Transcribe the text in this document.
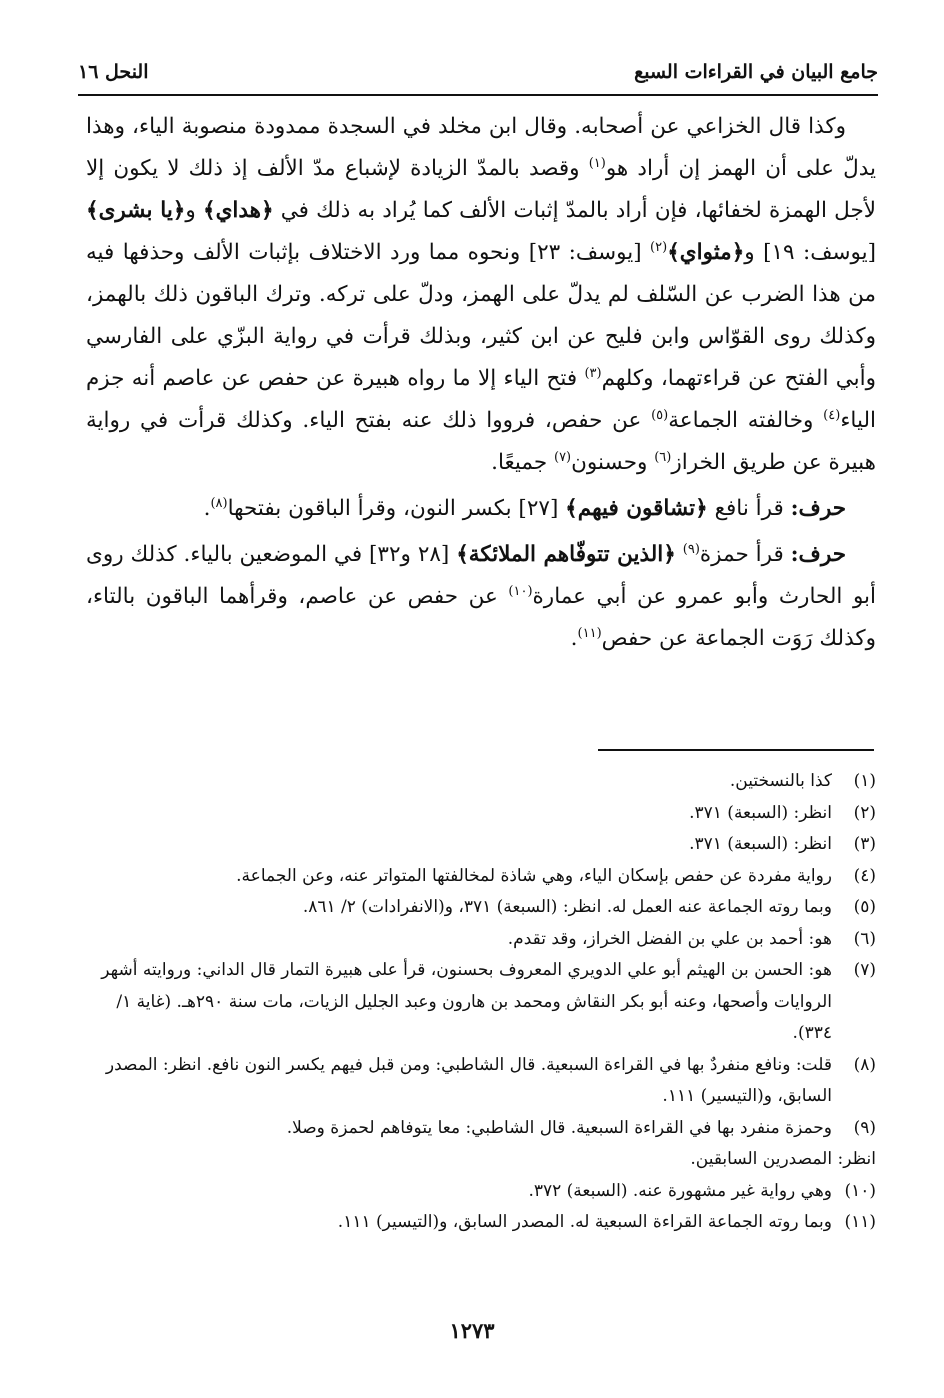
جامع البيان في القراءات السبع
النحل ١٦

وكذا قال الخزاعي عن أصحابه. وقال ابن مخلد في السجدة ممدودة منصوبة الياء، وهذا يدلّ على أن الهمز إن أراد هو$^{(١)}$ وقصد بالمدّ الزيادة لإشباع مدّ الألف إذ ذلك لا يكون إلا لأجل الهمزة لخفائها، فإن أراد بالمدّ إثبات الألف كما يُراد به ذلك في ﴿هداي﴾ و﴿يا بشرى﴾ [يوسف: ١٩] و﴿مثواي﴾$^{(٢)}$ [يوسف: ٢٣] ونحوه مما ورد الاختلاف بإثبات الألف وحذفها فيه من هذا الضرب عن السّلف لم يدلّ على الهمز، ودلّ على تركه. وترك الباقون ذلك بالهمز، وكذلك روى القوّاس وابن فليح عن ابن كثير، وبذلك قرأت في رواية البزّي على الفارسي وأبي الفتح عن قراءتهما، وكلهم$^{(٣)}$ فتح الياء إلا ما رواه هبيرة عن حفص عن عاصم أنه جزم الياء$^{(٤)}$ وخالفته الجماعة$^{(٥)}$ عن حفص، فرووا ذلك عنه بفتح الياء. وكذلك قرأت في رواية هبيرة عن طريق الخراز$^{(٦)}$ وحسنون$^{(٧)}$ جميعًا.

حرف: قرأ نافع ﴿تشاقون فيهم﴾ [٢٧] بكسر النون، وقرأ الباقون بفتحها$^{(٨)}$.

حرف: قرأ حمزة$^{(٩)}$ ﴿الذين تتوفّاهم الملائكة﴾ [٢٨ و٣٢] في الموضعين بالياء. كذلك روى أبو الحارث وأبو عمرو عن أبي عمارة$^{(١٠)}$ عن حفص عن عاصم، وقرأهما الباقون بالتاء، وكذلك رَوَت الجماعة عن حفص$^{(١١)}$.

(١)
كذا بالنسختين.
(٢)
انظر: (السبعة) ٣٧١.
(٣)
انظر: (السبعة) ٣٧١.
(٤)
رواية مفردة عن حفص بإسكان الياء، وهي شاذة لمخالفتها المتواتر عنه، وعن الجماعة.
(٥)
وبما روته الجماعة عنه العمل له. انظر: (السبعة) ٣٧١، و(الانفرادات) ٢/ ٨٦١.
(٦)
هو: أحمد بن علي بن الفضل الخراز، وقد تقدم.
(٧)
هو: الحسن بن الهيثم أبو علي الدويري المعروف بحسنون، قرأ على هبيرة التمار قال الداني: وروايته أشهر الروايات وأصحها، وعنه أبو بكر النقاش ومحمد بن هارون وعبد الجليل الزيات، مات سنة ٢٩٠هـ. (غاية ١/ ٣٣٤).
(٨)
قلت: ونافع منفردٌ بها في القراءة السبعية. قال الشاطبي: ومن قبل فيهم يكسر النون نافع. انظر: المصدر السابق، و(التيسير) ١١١.
(٩)
وحمزة منفرد بها في القراءة السبعية. قال الشاطبي: معا يتوفاهم لحمزة وصلا.
انظر: المصدرين السابقين.
(١٠)
وهي رواية غير مشهورة عنه. (السبعة) ٣٧٢.
(١١)
وبما روته الجماعة القراءة السبعية له. المصدر السابق، و(التيسير) ١١١.
١٢٧٣
